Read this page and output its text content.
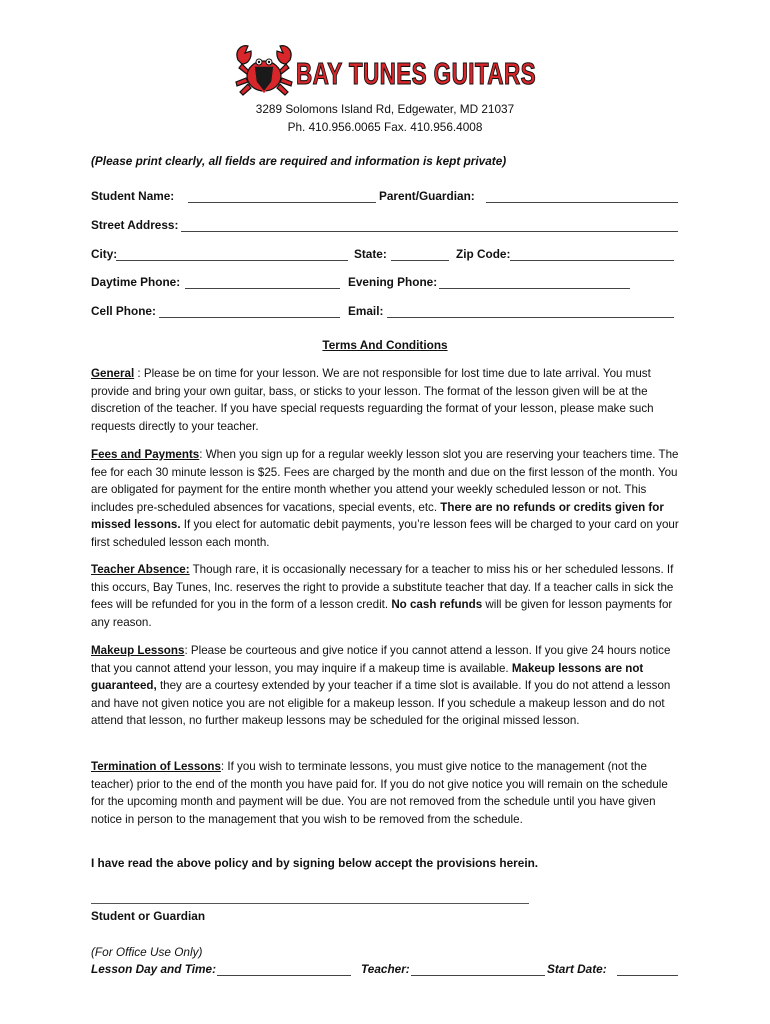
BAY TUNES GUITARS
3289 Solomons Island Rd, Edgewater, MD 21037
Ph. 410.956.0065 Fax. 410.956.4008
(Please print clearly, all fields are required and information is kept private)
Student Name:	Parent/Guardian:
Street Address:
City:	State:	Zip Code:
Daytime Phone:	Evening Phone:
Cell Phone:	Email:
Terms And Conditions
General : Please be on time for your lesson. We are not responsible for lost time due to late arrival. You must provide and bring your own guitar, bass, or sticks to your lesson. The format of the lesson given will be at the discretion of the teacher. If you have special requests reguarding the format of your lesson, please make such requests directly to your teacher.
Fees and Payments: When you sign up for a regular weekly lesson slot you are reserving your teachers time. The fee for each 30 minute lesson is $25. Fees are charged by the month and due on the first lesson of the month. You are obligated for payment for the entire month whether you attend your weekly scheduled lesson or not. This includes pre-scheduled absences for vacations, special events, etc. There are no refunds or credits given for missed lessons. If you elect for automatic debit payments, you’re lesson fees will be charged to your card on your first scheduled lesson each month.
Teacher Absence: Though rare, it is occasionally necessary for a teacher to miss his or her scheduled lessons. If this occurs, Bay Tunes, Inc. reserves the right to provide a substitute teacher that day. If a teacher calls in sick the fees will be refunded for you in the form of a lesson credit. No cash refunds will be given for lesson payments for any reason.
Makeup Lessons: Please be courteous and give notice if you cannot attend a lesson. If you give 24 hours notice that you cannot attend your lesson, you may inquire if a makeup time is available. Makeup lessons are not guaranteed, they are a courtesy extended by your teacher if a time slot is available. If you do not attend a lesson and have not given notice you are not eligible for a makeup lesson. If you schedule a makeup lesson and do not attend that lesson, no further makeup lessons may be scheduled for the original missed lesson.
Termination of Lessons: If you wish to terminate lessons, you must give notice to the management (not the teacher) prior to the end of the month you have paid for. If you do not give notice you will remain on the schedule for the upcoming month and payment will be due. You are not removed from the schedule until you have given notice in person to the management that you wish to be removed from the schedule.
I have read the above policy and by signing below accept the provisions herein.
Student or Guardian
(For Office Use Only)
Lesson Day and Time:	Teacher:	Start Date:
